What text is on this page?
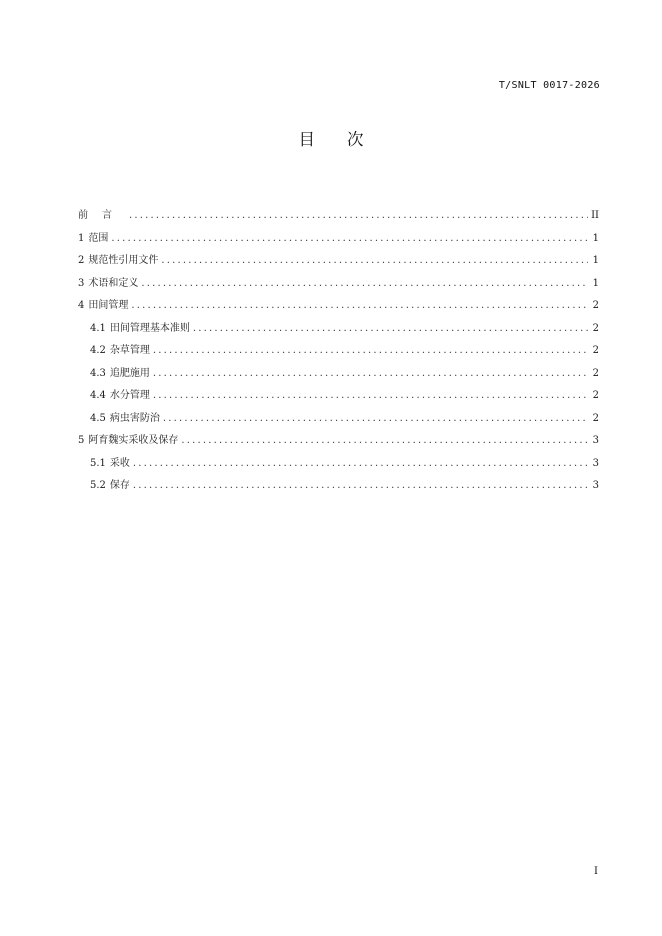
T/SNLT 0017-2026
目次
前言 .....	II
1 范围 .....	1
2 规范性引用文件 .....	1
3 术语和定义 .....	1
4 田间管理 .....	2
4.1 田间管理基本准则 .....	2
4.2 杂草管理 .....	2
4.3 追肥施用 .....	2
4.4 水分管理 .....	2
4.5 病虫害防治 .....	2
5 阿育魏实采收及保存 .....	3
5.1 采收 .....	3
5.2 保存 .....	3
I
